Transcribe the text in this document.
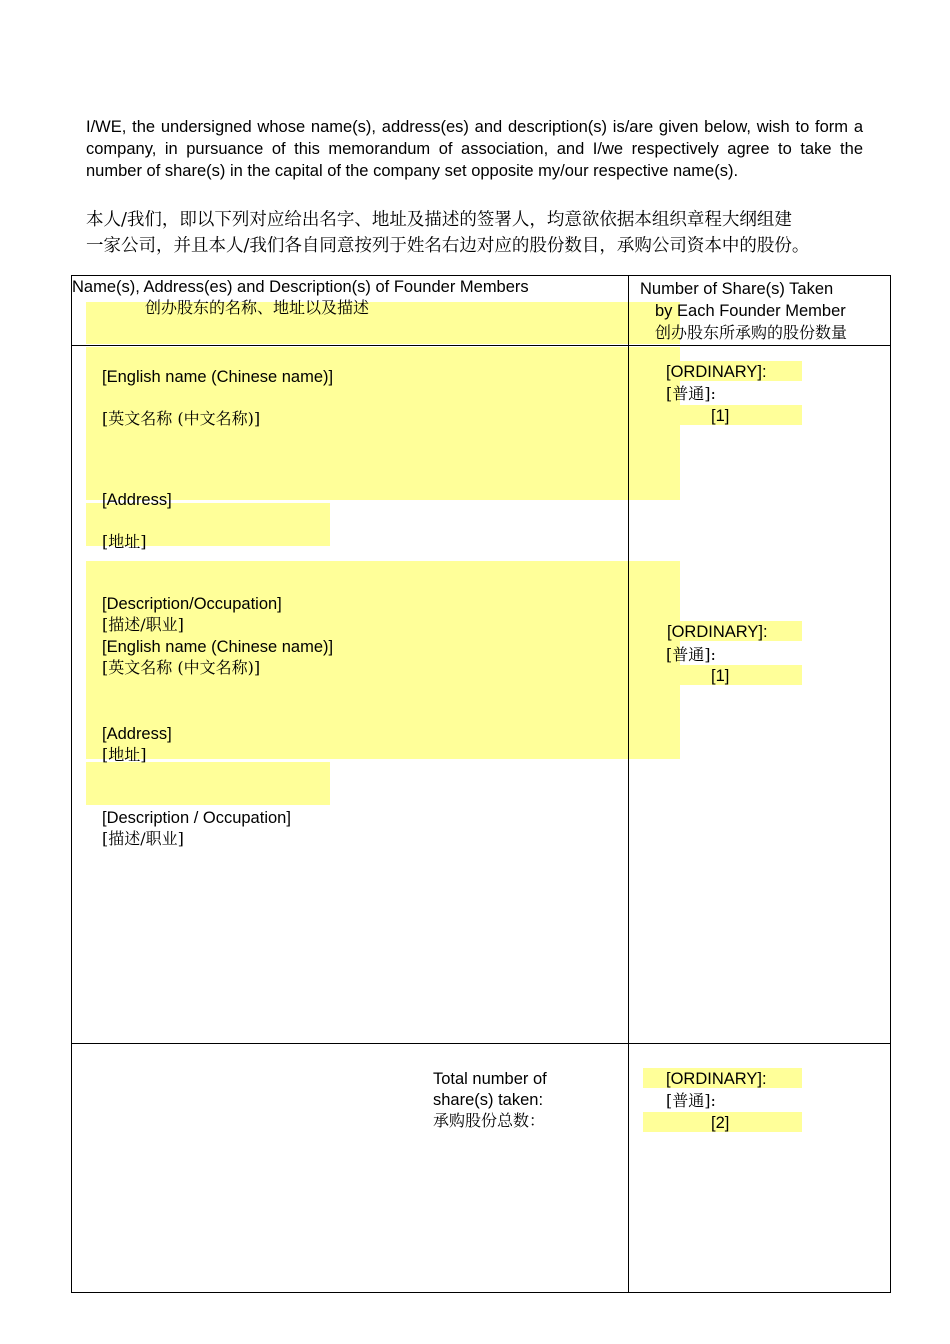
I/WE, the undersigned whose name(s), address(es) and description(s) is/are given below, wish to form a company, in pursuance of this memorandum of association, and I/we respectively agree to take the number of share(s) in the capital of the company set opposite my/our respective name(s).
本人/我们，即以下列对应给出名字、地址及描述的签署人，均意欲依据本组织章程大纲组建
一家公司，并且本人/我们各自同意按列于姓名右边对应的股份数目，承购公司资本中的股份。
Name(s), Address(es) and Description(s) of Founder Members
创办股东的名称、地址以及描述
Number of Share(s) Taken
by Each Founder Member
创办股东所承购的股份数量
[English name (Chinese name)]
[英文名称 (中文名称)]
[Address]
[地址]
[Description/Occupation]
[描述/职业]
[ORDINARY]:
[普通]:
[1]
[English name (Chinese name)]
[英文名称 (中文名称)]
[Address]
[地址]
[Description / Occupation]
[描述/职业]
[ORDINARY]:
[普通]:
[1]
Total number of
share(s) taken:
承购股份总数：
[ORDINARY]:
[普通]:
[2]
